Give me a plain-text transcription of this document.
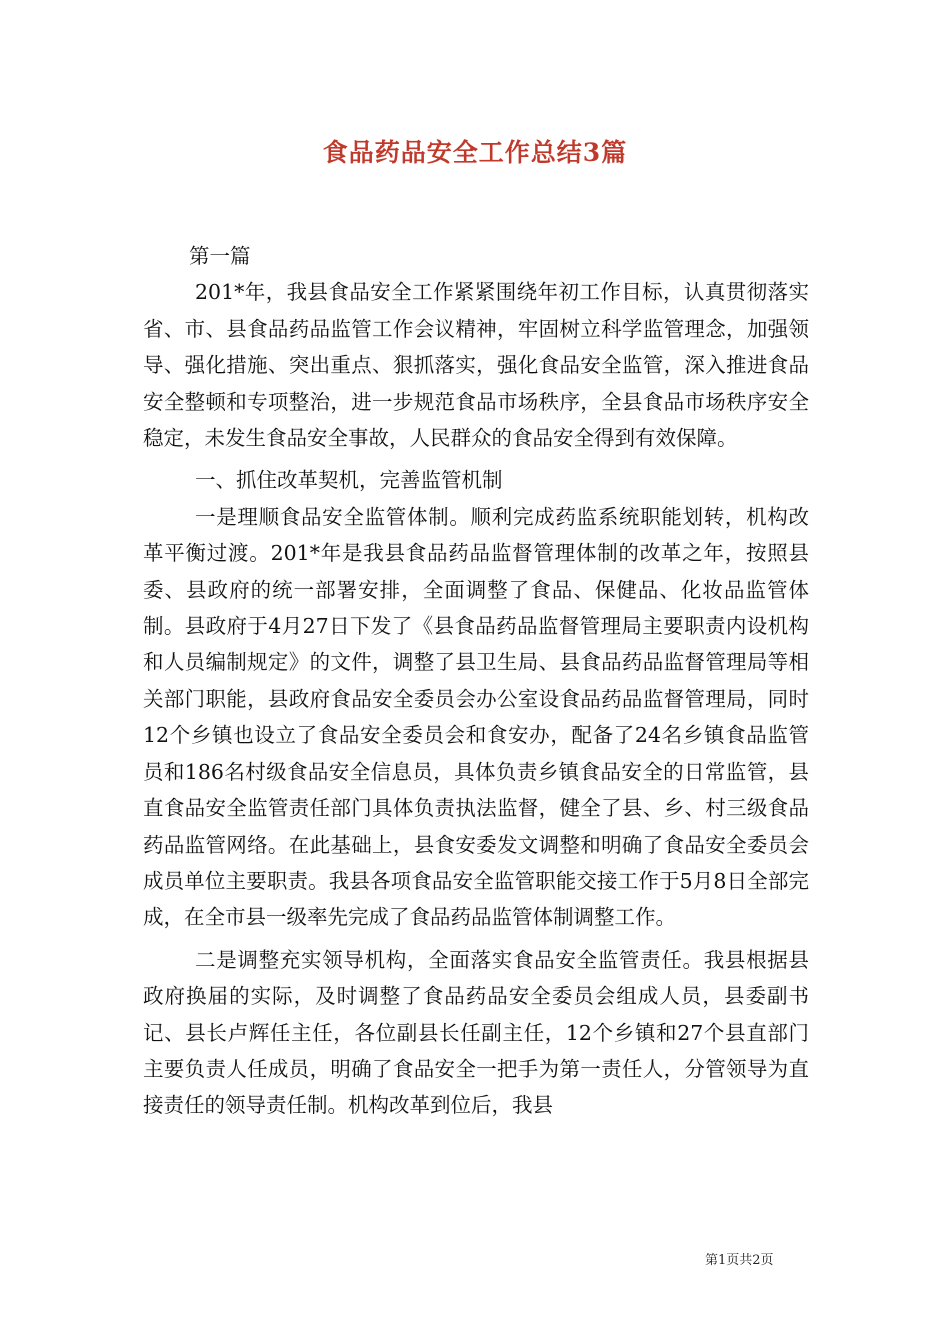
食品药品安全工作总结3篇

第一篇

201*年，我县食品安全工作紧紧围绕年初工作目标，认真贯彻落实省、市、县食品药品监管工作会议精神，牢固树立科学监管理念，加强领导、强化措施、突出重点、狠抓落实，强化食品安全监管，深入推进食品安全整顿和专项整治，进一步规范食品市场秩序，全县食品市场秩序安全稳定，未发生食品安全事故，人民群众的食品安全得到有效保障。

一、抓住改革契机，完善监管机制

一是理顺食品安全监管体制。顺利完成药监系统职能划转，机构改革平衡过渡。201*年是我县食品药品监督管理体制的改革之年，按照县委、县政府的统一部署安排，全面调整了食品、保健品、化妆品监管体制。县政府于4月27日下发了《县食品药品监督管理局主要职责内设机构和人员编制规定》的文件，调整了县卫生局、县食品药品监督管理局等相关部门职能，县政府食品安全委员会办公室设食品药品监督管理局，同时12个乡镇也设立了食品安全委员会和食安办，配备了24名乡镇食品监管员和186名村级食品安全信息员，具体负责乡镇食品安全的日常监管，县直食品安全监管责任部门具体负责执法监督，健全了县、乡、村三级食品药品监管网络。在此基础上，县食安委发文调整和明确了食品安全委员会成员单位主要职责。我县各项食品安全监管职能交接工作于5月8日全部完成，在全市县一级率先完成了食品药品监管体制调整工作。

二是调整充实领导机构，全面落实食品安全监管责任。我县根据县政府换届的实际，及时调整了食品药品安全委员会组成人员，县委副书记、县长卢辉任主任，各位副县长任副主任，12个乡镇和27个县直部门主要负责人任成员，明确了食品安全一把手为第一责任人，分管领导为直接责任的领导责任制。机构改革到位后，我县

第1页共2页
